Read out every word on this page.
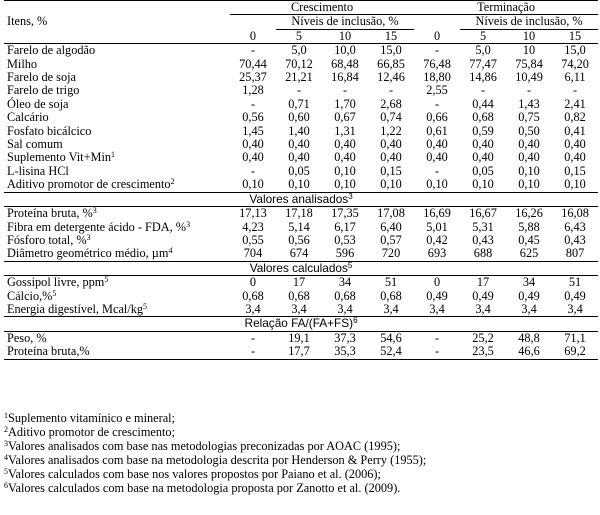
Itens, %	Crescimento				Terminação			
		Níveis de inclusão, %				Níveis de inclusão, %		
	0	5	10	15	0	5	10	15
Farelo de algodão	-	5,0	10,0	15,0	-	5,0	10	15,0
Milho	70,44	70,12	68,48	66,85	76,48	77,47	75,84	74,20
Farelo de soja	25,37	21,21	16,84	12,46	18,80	14,86	10,49	6,11
Farelo de trigo	1,28	-	-	-	2,55	-	-	-
Óleo de soja	-	0,71	1,70	2,68	-	0,44	1,43	2,41
Calcário	0,56	0,60	0,67	0,74	0,66	0,68	0,75	0,82
Fosfato bicálcico	1,45	1,40	1,31	1,22	0,61	0,59	0,50	0,41
Sal comum	0,40	0,40	0,40	0,40	0,40	0,40	0,40	0,40
Suplemento Vit+Min$^1$	0,40	0,40	0,40	0,40	0,40	0,40	0,40	0,40
L-lisina HCl	-	0,05	0,10	0,15	-	0,05	0,10	0,15
Aditivo promotor de crescimento$^2$	0,10	0,10	0,10	0,10	0,10	0,10	0,10	0,10
Valores analisados$^3$
Proteína bruta, %$^3$	17,13	17,18	17,35	17,08	16,69	16,67	16,26	16,08
Fibra em detergente ácido - FDA, %$^3$	4,23	5,14	6,17	6,40	5,01	5,31	5,88	6,43
Fósforo total, %$^3$	0,55	0,56	0,53	0,57	0,42	0,43	0,45	0,43
Diâmetro geométrico médio, µm$^4$	704	674	596	720	693	688	625	807
Valores calculados$^5$
Gossipol livre, ppm$^5$	0	17	34	51	0	17	34	51
Cálcio,%$^5$	0,68	0,68	0,68	0,68	0,49	0,49	0,49	0,49
Energia digestível, Mcal/$kg^5$	3,4	3,4	3,4	3,4	3,4	3,4	3,4	3,4
Relação $FA/(FA+FS)^6$
Peso, %	-	19,1	37,3	54,6	-	25,2	48,8	71,1
Proteína bruta,%	-	17,7	35,3	52,4	-	23,5	46,6	69,2
$^1$Suplemento vitamínico e mineral;
$^2$Aditivo promotor de crescimento;
$^3$Valores analisados com base nas metodologias preconizadas por AOAC (1995);
$^4$Valores analisados com base na metodologia descrita por Henderson & Perry (1955);
$^5$Valores calculados com base nos valores propostos por Paiano et al. (2006);
$^6$Valores calculados com base na metodologia proposta por Zanotto et al. (2009).
